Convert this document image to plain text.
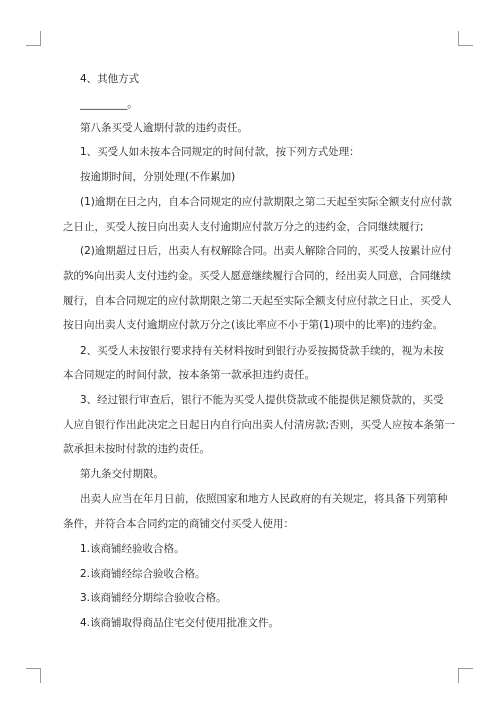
4、其他方式
_________。
第八条买受人逾期付款的违约责任。
1、买受人如未按本合同规定的时间付款，按下列方式处理：
按逾期时间，分别处理(不作累加)
(1)逾期在日之内，自本合同规定的应付款期限之第二天起至实际全额支付应付款
之日止，买受人按日向出卖人支付逾期应付款万分之的违约金，合同继续履行;
(2)逾期超过日后，出卖人有权解除合同。出卖人解除合同的，买受人按累计应付
款的%向出卖人支付违约金。买受人愿意继续履行合同的，经出卖人同意，合同继续
履行，自本合同规定的应付款期限之第二天起至实际全额支付应付款之日止，买受人
按日向出卖人支付逾期应付款万分之(该比率应不小于第(1)项中的比率)的违约金。
2、买受人未按银行要求持有关材料按时到银行办妥按揭贷款手续的，视为未按
本合同规定的时间付款，按本条第一款承担违约责任。
3、经过银行审查后，银行不能为买受人提供贷款或不能提供足额贷款的，买受
人应自银行作出此决定之日起日内自行向出卖人付清房款;否则，买受人应按本条第一
款承担未按时付款的违约责任。
第九条交付期限。
出卖人应当在年月日前，依照国家和地方人民政府的有关规定，将具备下列第种
条件，并符合本合同约定的商铺交付买受人使用：
1.该商铺经验收合格。
2.该商铺经综合验收合格。
3.该商铺经分期综合验收合格。
4.该商铺取得商品住宅交付使用批准文件。
